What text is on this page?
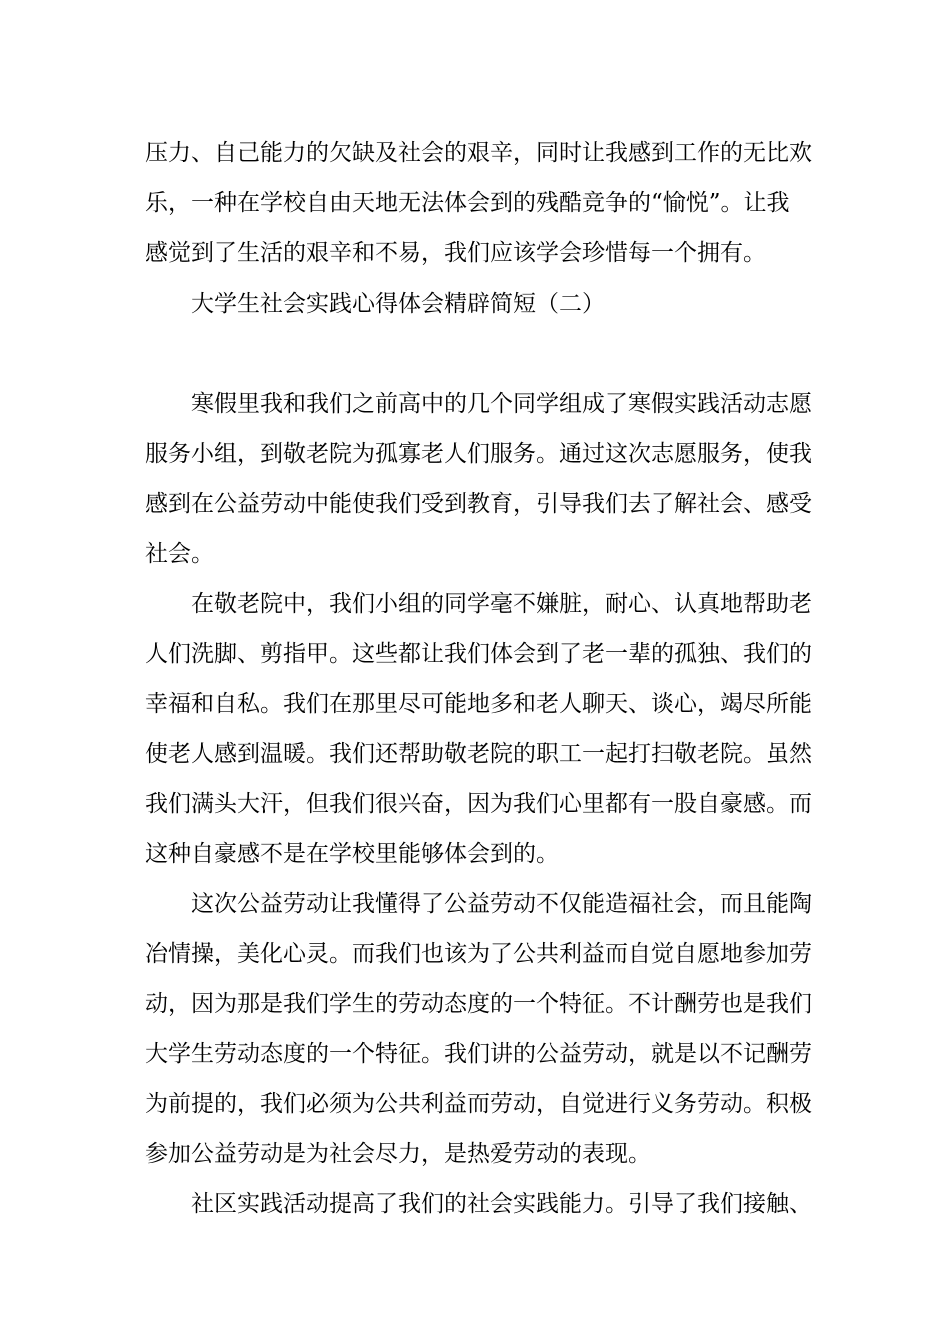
压力、自己能力的欠缺及社会的艰辛，同时让我感到工作的无比欢
乐，一种在学校自由天地无法体会到的残酷竞争的“愉悦”。让我
感觉到了生活的艰辛和不易，我们应该学会珍惜每一个拥有。
大学生社会实践心得体会精辟简短（二）
寒假里我和我们之前高中的几个同学组成了寒假实践活动志愿
服务小组，到敬老院为孤寡老人们服务。通过这次志愿服务，使我
感到在公益劳动中能使我们受到教育，引导我们去了解社会、感受
社会。
在敬老院中，我们小组的同学毫不嫌脏，耐心、认真地帮助老
人们洗脚、剪指甲。这些都让我们体会到了老一辈的孤独、我们的
幸福和自私。我们在那里尽可能地多和老人聊天、谈心，竭尽所能
使老人感到温暖。我们还帮助敬老院的职工一起打扫敬老院。虽然
我们满头大汗，但我们很兴奋，因为我们心里都有一股自豪感。而
这种自豪感不是在学校里能够体会到的。
这次公益劳动让我懂得了公益劳动不仅能造福社会，而且能陶
冶情操，美化心灵。而我们也该为了公共利益而自觉自愿地参加劳
动，因为那是我们学生的劳动态度的一个特征。不计酬劳也是我们
大学生劳动态度的一个特征。我们讲的公益劳动，就是以不记酬劳
为前提的，我们必须为公共利益而劳动，自觉进行义务劳动。积极
参加公益劳动是为社会尽力，是热爱劳动的表现。
社区实践活动提高了我们的社会实践能力。引导了我们接触、
